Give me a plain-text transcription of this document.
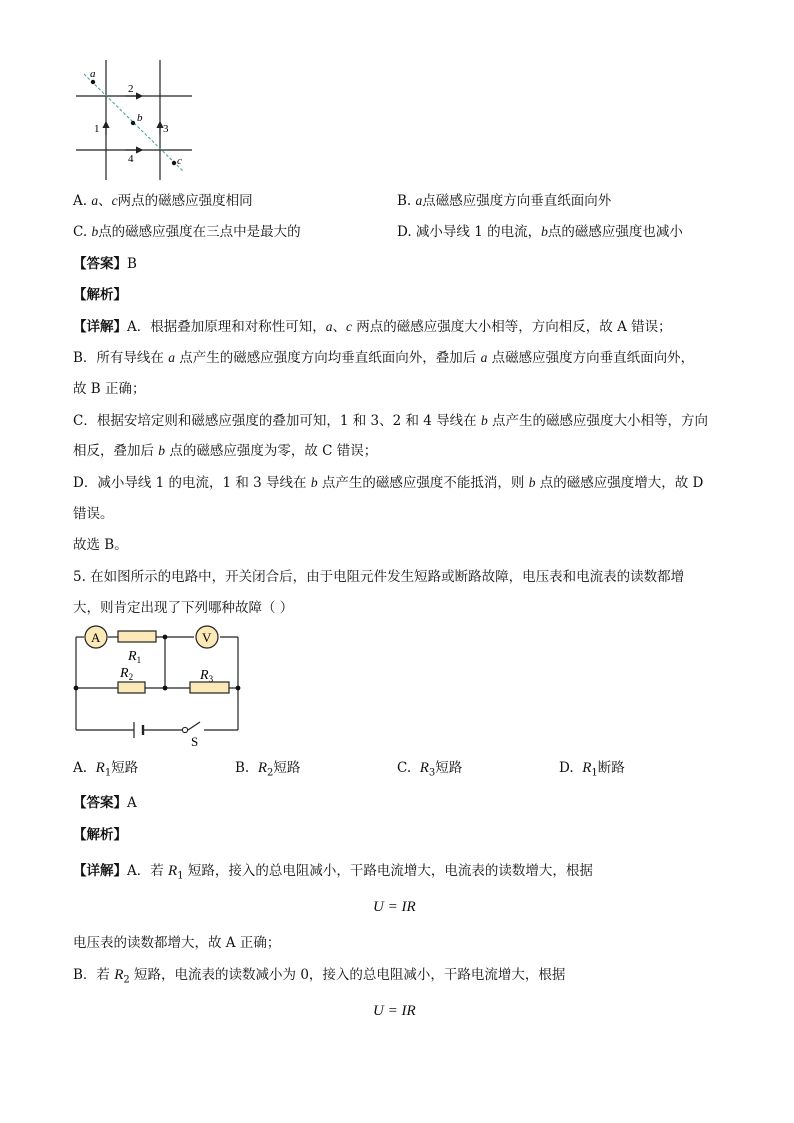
a
b
c
1
2
3
4
A. a、c两点的磁感应强度相同	B. a点磁感应强度方向垂直纸面向外
C. b点的磁感应强度在三点中是最大的	D. 减小导线 1 的电流，b点的磁感应强度也减小
【答案】B
【解析】
【详解】A．根据叠加原理和对称性可知，a、c 两点的磁感应强度大小相等，方向相反，故 A 错误；
B．所有导线在 a 点产生的磁感应强度方向均垂直纸面向外，叠加后 a 点磁感应强度方向垂直纸面向外，
故 B 正确；
C．根据安培定则和磁感应强度的叠加可知，1 和 3、2 和 4 导线在 b 点产生的磁感应强度大小相等，方向
相反，叠加后 b 点的磁感应强度为零，故 C 错误；
D．减小导线 1 的电流，1 和 3 导线在 b 点产生的磁感应强度不能抵消，则 b 点的磁感应强度增大，故 D
错误。
故选 B。
5. 在如图所示的电路中，开关闭合后，由于电阻元件发生短路或断路故障，电压表和电流表的读数都增
大，则肯定出现了下列哪种故障（ ）
A	V
$R_1$
$R_2$	$R_3$
S
A. $R_1$短路	B. $R_2$短路	C. $R_3$短路	D. $R_1$断路
【答案】A
【解析】
【详解】A．若 $R_1$ 短路，接入的总电阻减小，干路电流增大，电流表的读数增大，根据
U = IR
电压表的读数都增大，故 A 正确；
B．若 $R_2$ 短路，电流表的读数减小为 0，接入的总电阻减小，干路电流增大，根据
U = IR
